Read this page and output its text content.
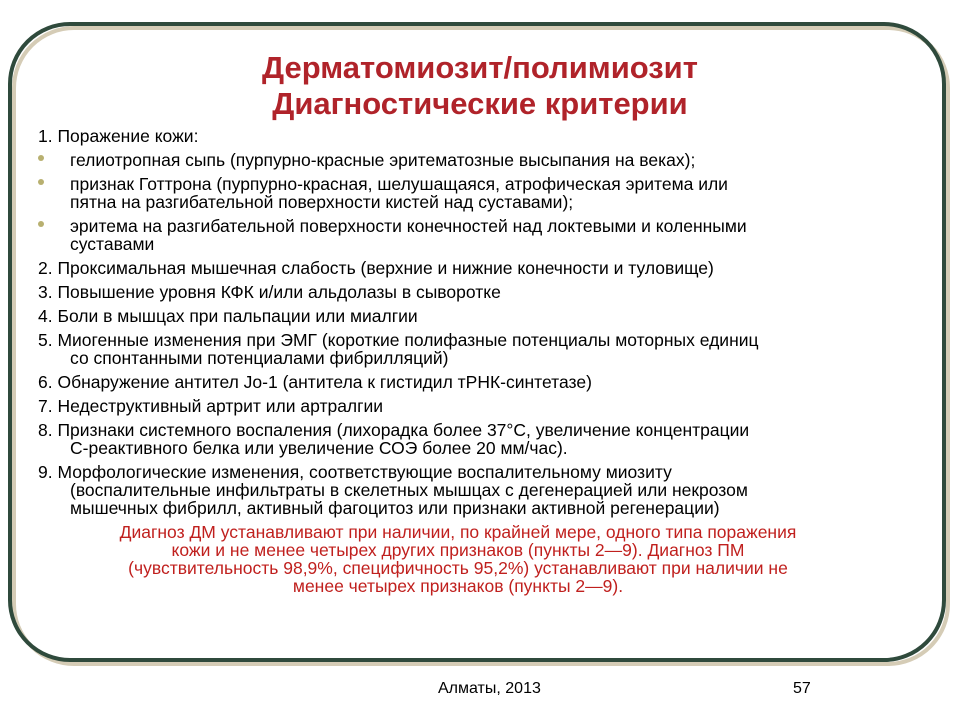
Дерматомиозит/полимиозит
Диагностические критерии
1. Поражение кожи:
гелиотропная сыпь (пурпурно-красные эритематозные высыпания на веках);
признак Готтрона (пурпурно-красная, шелушащаяся, атрофическая эритема или
пятна на разгибательной поверхности кистей над суставами);
эритема на разгибательной поверхности конечностей над локтевыми и коленными
суставами
2. Проксимальная мышечная слабость (верхние и нижние конечности и туловище)
3. Повышение уровня КФК и/или альдолазы в сыворотке
4. Боли в мышцах при пальпации или миалгии
5. Миогенные изменения при ЭМГ (короткие полифазные потенциалы моторных единиц
со спонтанными потенциалами фибрилляций)
6. Обнаружение антител Jo-1 (антитела к гистидил тРНК-синтетазе)
7. Недеструктивный артрит или артралгии
8. Признаки системного воспаления (лихорадка более 37°С, увеличение концентрации
С-реактивного белка или увеличение СОЭ более 20 мм/час).
9. Морфологические изменения, соответствующие воспалительному миозиту
(воспалительные инфильтраты в скелетных мышцах с дегенерацией или некрозом
мышечных фибрилл, активный фагоцитоз или признаки активной регенерации)
Диагноз ДМ устанавливают при наличии, по крайней мере, одного типа поражения
кожи и не менее четырех других признаков (пункты 2—9). Диагноз ПМ
(чувствительность 98,9%, специфичность 95,2%) устанавливают при наличии не
менее четырех признаков (пункты 2—9).
Алматы, 2013	57
